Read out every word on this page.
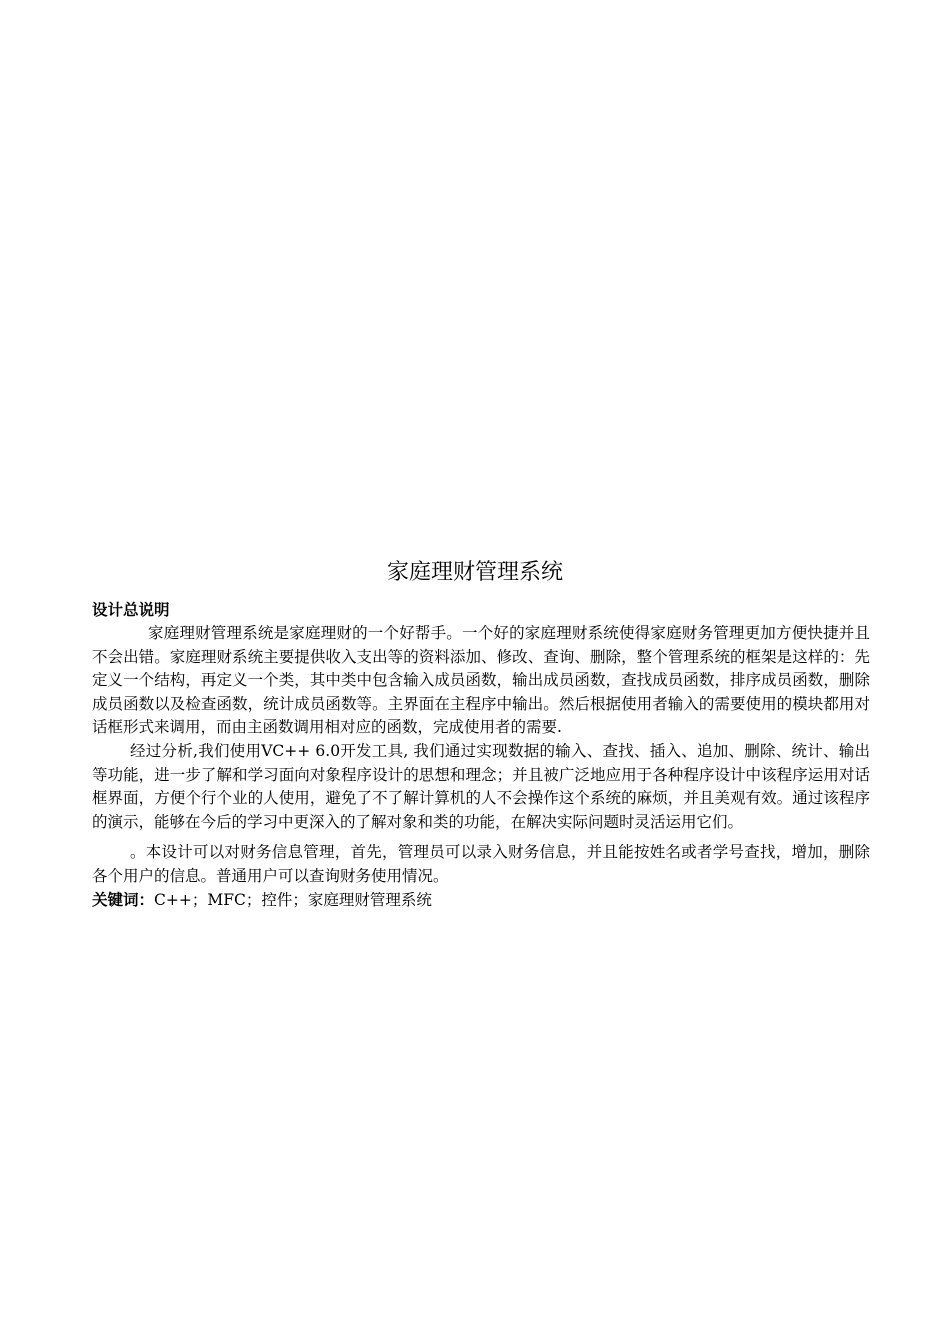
家庭理财管理系统

设计总说明

家庭理财管理系统是家庭理财的一个好帮手。一个好的家庭理财系统使得家庭财务管理更加方便快捷并且不会出错。家庭理财系统主要提供收入支出等的资料添加、修改、查询、删除，整个管理系统的框架是这样的：先定义一个结构，再定义一个类，其中类中包含输入成员函数，输出成员函数，查找成员函数，排序成员函数，删除成员函数以及检查函数，统计成员函数等。主界面在主程序中输出。然后根据使用者输入的需要使用的模块都用对话框形式来调用，而由主函数调用相对应的函数，完成使用者的需要.

经过分析,我们使用VC++ 6.0开发工具, 我们通过实现数据的输入、查找、插入、追加、删除、统计、输出等功能，进一步了解和学习面向对象程序设计的思想和理念；并且被广泛地应用于各种程序设计中该程序运用对话框界面，方便个行个业的人使用，避免了不了解计算机的人不会操作这个系统的麻烦，并且美观有效。通过该程序的演示，能够在今后的学习中更深入的了解对象和类的功能，在解决实际问题时灵活运用它们。

。本设计可以对财务信息管理，首先，管理员可以录入财务信息，并且能按姓名或者学号查找，增加，删除各个用户的信息。普通用户可以查询财务使用情况。

关键词：C++；MFC；控件；家庭理财管理系统
